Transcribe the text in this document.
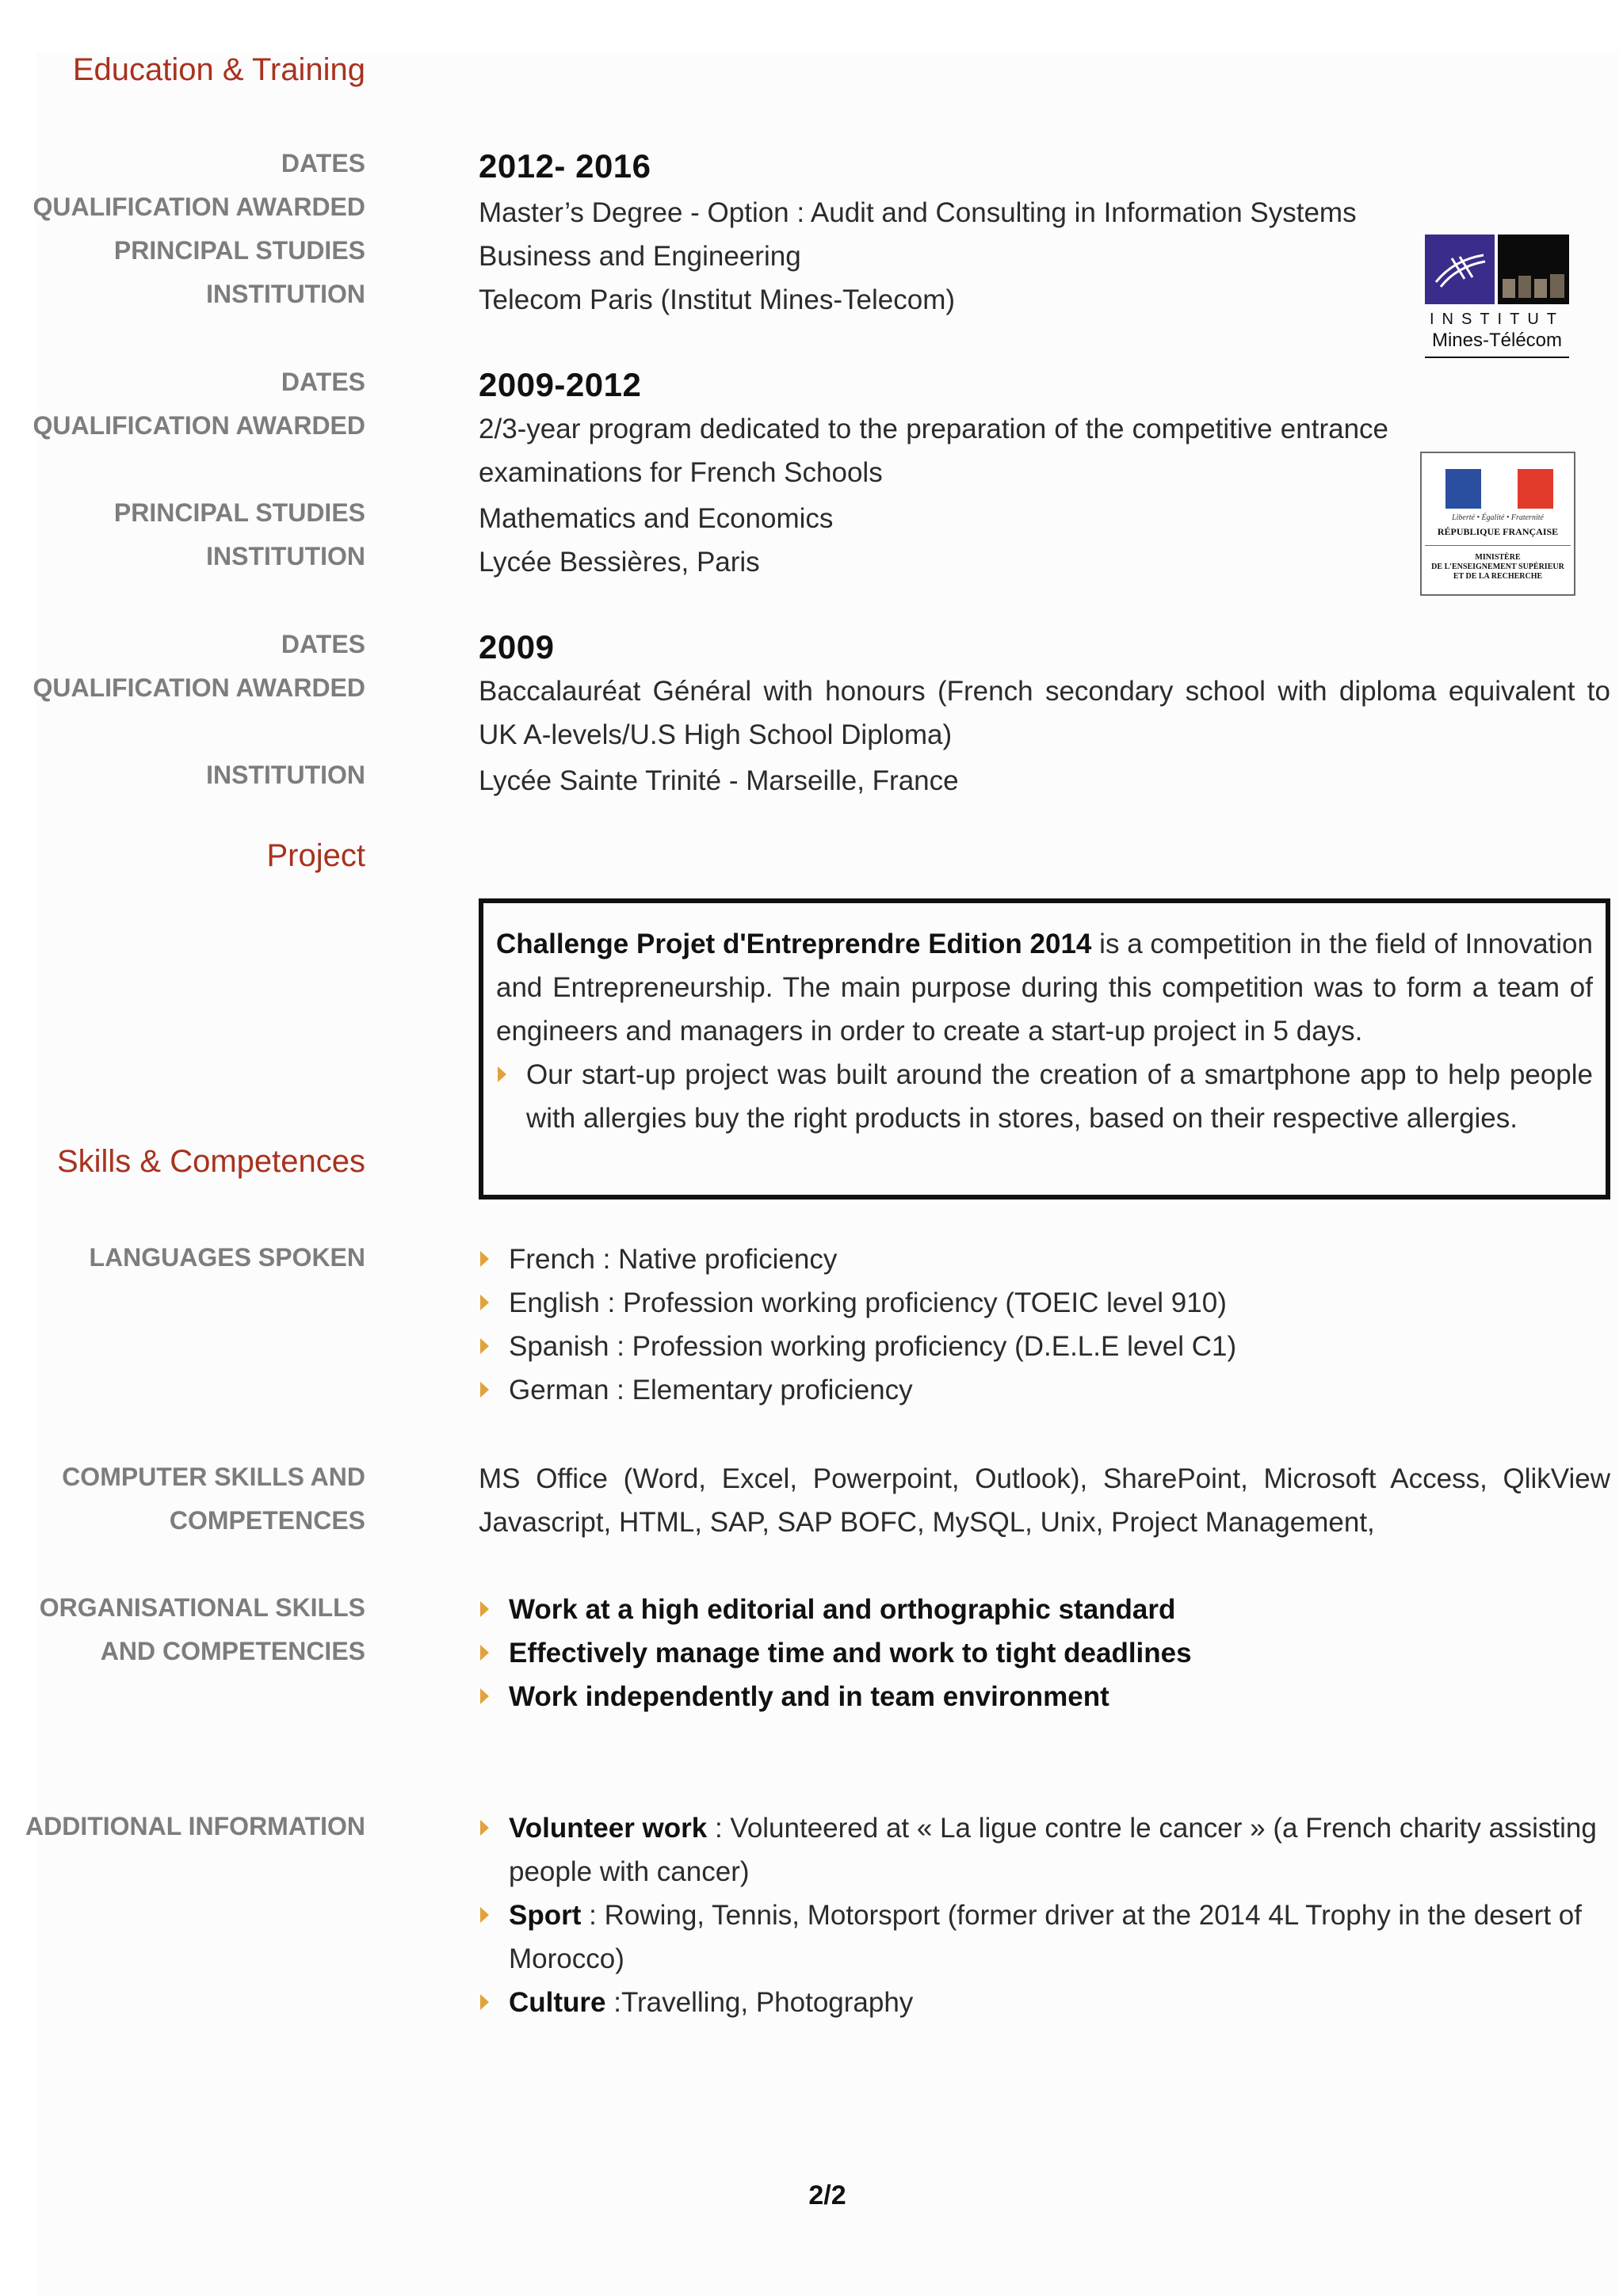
Education & Training
DATES
QUALIFICATION AWARDED
PRINCIPAL STUDIES
INSTITUTION
2012- 2016
Master’s Degree - Option : Audit and Consulting in Information Systems
Business and Engineering
Telecom Paris (Institut Mines-Telecom)
INSTITUT
Mines-Télécom
DATES
QUALIFICATION AWARDED
PRINCIPAL STUDIES
INSTITUTION
2009-2012
2/3-year program dedicated to the preparation of the competitive entrance examinations for French Schools
Mathematics and Economics
Lycée Bessières, Paris
Liberté • Égalité • Fraternité
RÉPUBLIQUE FRANÇAISE
MINISTÈRE
DE L'ENSEIGNEMENT SUPÉRIEUR
ET DE LA RECHERCHE
DATES
QUALIFICATION AWARDED
INSTITUTION
2009
Baccalauréat Général with honours (French secondary school with diploma equivalent to UK A-levels/U.S High School Diploma)
Lycée Sainte Trinité - Marseille, France
Project
Challenge Projet d'Entreprendre Edition 2014 is a competition in the field of Innovation and Entrepreneurship. The main purpose during this competition was to form a team of engineers and managers in order to create a start-up project in 5 days.
Our start-up project was built around the creation of a smartphone app to help people with allergies buy the right products in stores, based on their respective allergies.
Skills & Competences
LANGUAGES SPOKEN	French : Native proficiency
English : Profession working proficiency (TOEIC level 910)
Spanish : Profession working proficiency (D.E.L.E level C1)
German : Elementary proficiency
COMPUTER SKILLS AND
COMPETENCES
MS Office (Word, Excel, Powerpoint, Outlook), SharePoint, Microsoft Access, QlikView Javascript, HTML, SAP, SAP BOFC, MySQL, Unix, Project Management,
ORGANISATIONAL SKILLS
AND COMPETENCIES
Work at a high editorial and orthographic standard
Effectively manage time and work to tight deadlines
Work independently and in team environment
ADDITIONAL INFORMATION	Volunteer work : Volunteered at « La ligue contre le cancer » (a French charity assisting people with cancer)
Sport : Rowing, Tennis, Motorsport (former driver at the 2014 4L Trophy in the desert of Morocco)
Culture :Travelling, Photography
2/2
